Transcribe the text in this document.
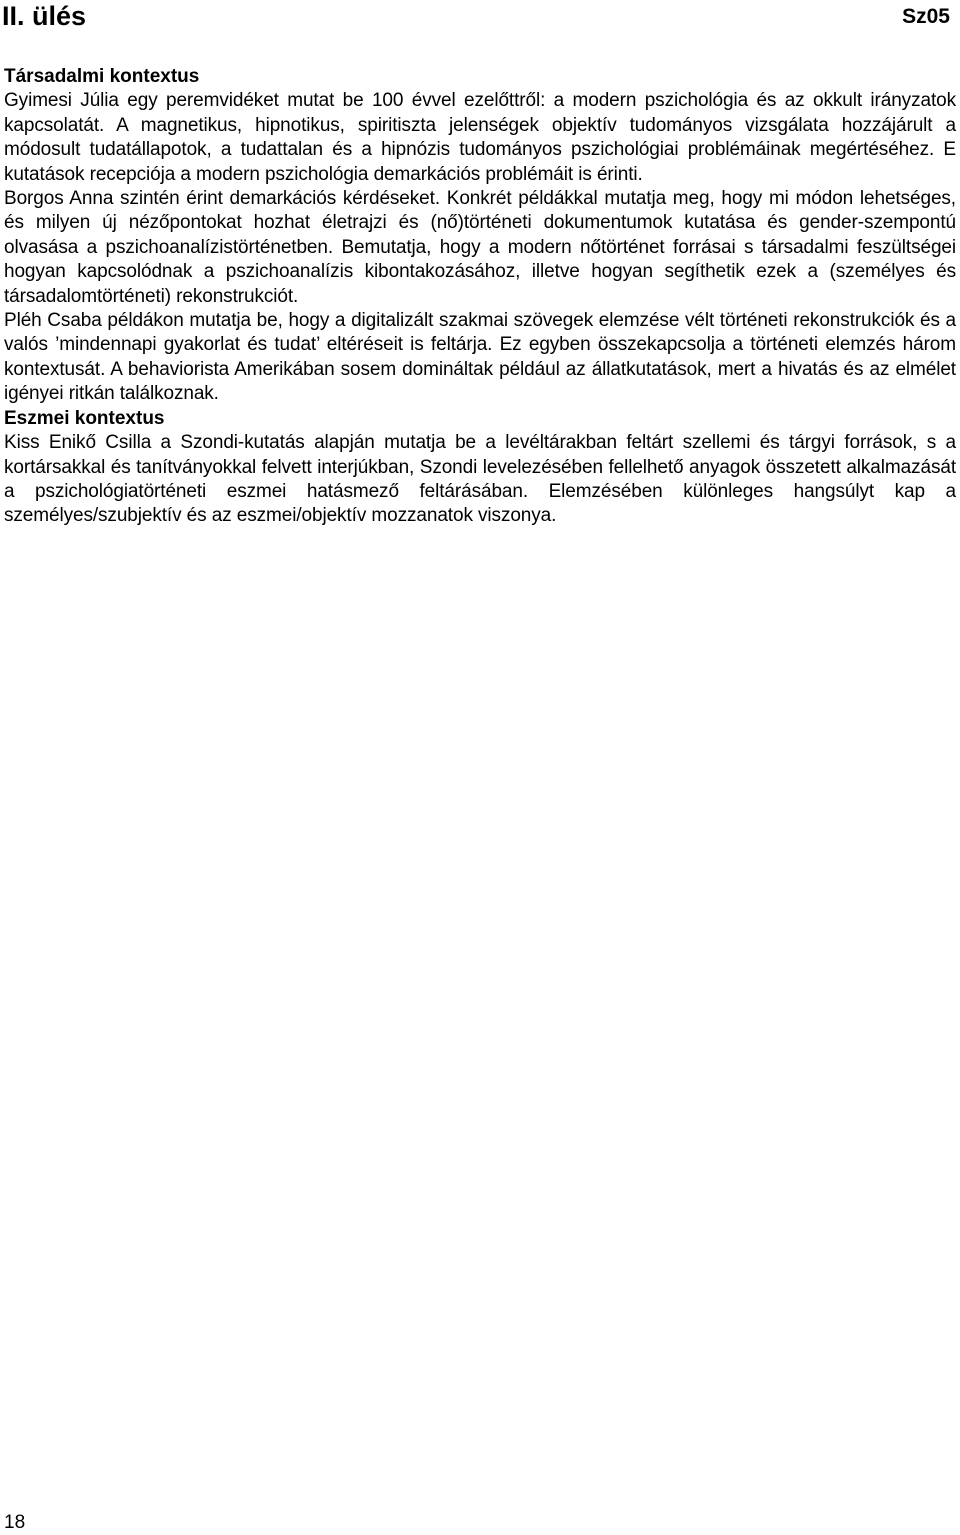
II. ülés	Sz05
Társadalmi kontextus

Gyimesi Júlia egy peremvidéket mutat be 100 évvel ezelőttről: a modern pszichológia és az okkult irányzatok kapcsolatát. A magnetikus, hipnotikus, spiritiszta jelenségek objektív tudományos vizsgálata hozzájárult a módosult tudatállapotok, a tudattalan és a hipnózis tudományos pszichológiai problémáinak megértéséhez. E kutatások recepciója a modern pszichológia demarkációs problémáit is érinti.

Borgos Anna szintén érint demarkációs kérdéseket. Konkrét példákkal mutatja meg, hogy mi módon lehetséges, és milyen új nézőpontokat hozhat életrajzi és (nő)történeti dokumentumok kutatása és gender-szempontú olvasása a pszichoanalízistörténetben. Bemutatja, hogy a modern nőtörténet forrásai s társadalmi feszültségei hogyan kapcsolódnak a pszichoanalízis kibontakozásához, illetve hogyan segíthetik ezek a (személyes és társadalomtörténeti) rekonstrukciót.

Pléh Csaba példákon mutatja be, hogy a digitalizált szakmai szövegek elemzése vélt történeti rekonstrukciók és a valós ’mindennapi gyakorlat és tudat’ eltéréseit is feltárja. Ez egyben összekapcsolja a történeti elemzés három kontextusát. A behaviorista Amerikában sosem domináltak például az állatkutatások, mert a hivatás és az elmélet igényei ritkán találkoznak.

Eszmei kontextus

Kiss Enikő Csilla a Szondi-kutatás alapján mutatja be a levéltárakban feltárt szellemi és tárgyi források, s a kortársakkal és tanítványokkal felvett interjúkban, Szondi levelezésében fellelhető anyagok összetett alkalmazását a pszichológiatörténeti eszmei hatásmező feltárásában. Elemzésében különleges hangsúlyt kap a személyes/szubjektív és az eszmei/objektív mozzanatok viszonya.

18
